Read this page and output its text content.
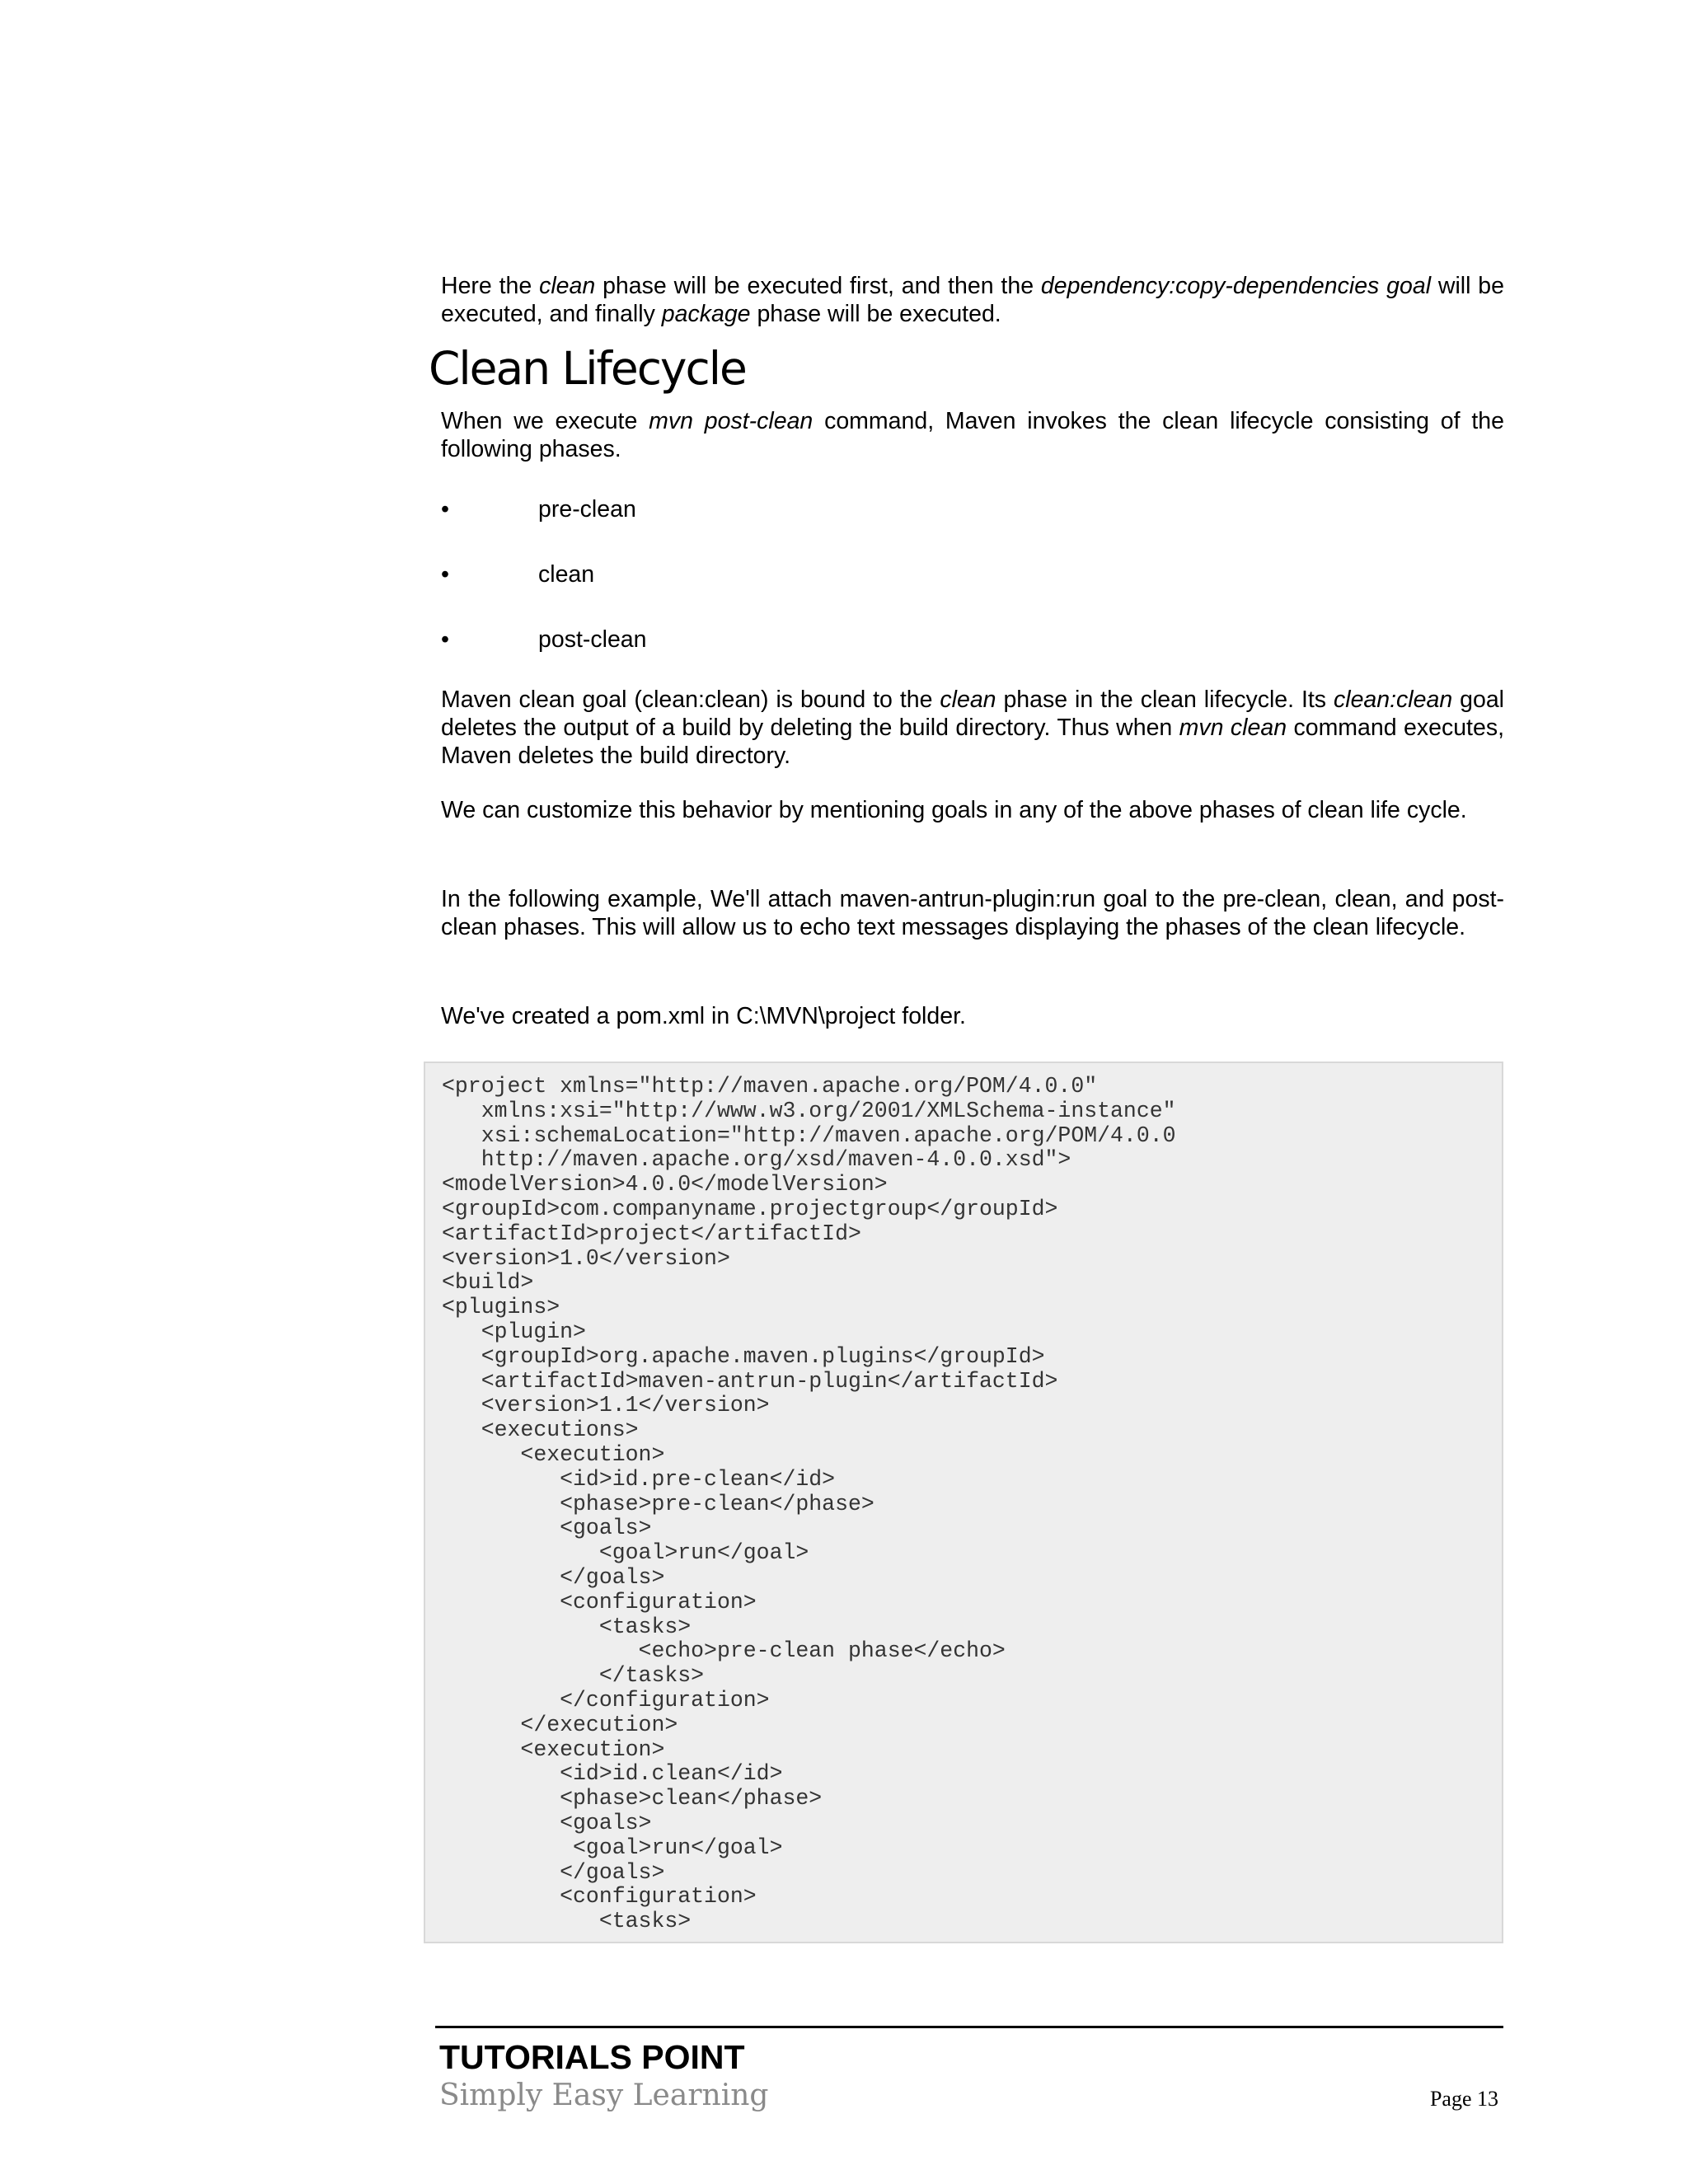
Here the clean phase will be executed first, and then the dependency:copy-dependencies goal will be executed, and finally package phase will be executed.

Clean Lifecycle

When we execute mvn post-clean command, Maven invokes the clean lifecycle consisting of the following phases.

•	pre-clean
•	clean
•	post-clean

Maven clean goal (clean:clean) is bound to the clean phase in the clean lifecycle. Its clean:clean goal deletes the output of a build by deleting the build directory. Thus when mvn clean command executes, Maven deletes the build directory.

We can customize this behavior by mentioning goals in any of the above phases of clean life cycle.

In the following example, We'll attach maven-antrun-plugin:run goal to the pre-clean, clean, and post-clean phases. This will allow us to echo text messages displaying the phases of the clean lifecycle.

We've created a pom.xml in C:\MVN\project folder.

<project xmlns="http://maven.apache.org/POM/4.0.0"
xmlns:xsi="http://www.w3.org/2001/XMLSchema-instance"
xsi:schemaLocation="http://maven.apache.org/POM/4.0.0
http://maven.apache.org/xsd/maven-4.0.0.xsd">
<modelVersion>4.0.0</modelVersion>
<groupId>com.companyname.projectgroup</groupId>
<artifactId>project</artifactId>
<version>1.0</version>
<build>
<plugins>
<plugin>
<groupId>org.apache.maven.plugins</groupId>
<artifactId>maven-antrun-plugin</artifactId>
<version>1.1</version>
<executions>
<execution>
<id>id.pre-clean</id>
<phase>pre-clean</phase>
<goals>
<goal>run</goal>
</goals>
<configuration>
<tasks>
<echo>pre-clean phase</echo>
</tasks>
</configuration>
</execution>
<execution>
<id>id.clean</id>
<phase>clean</phase>
<goals>
<goal>run</goal>
</goals>
<configuration>
<tasks>
TUTORIALS POINT
Simply Easy Learning	Page 13
